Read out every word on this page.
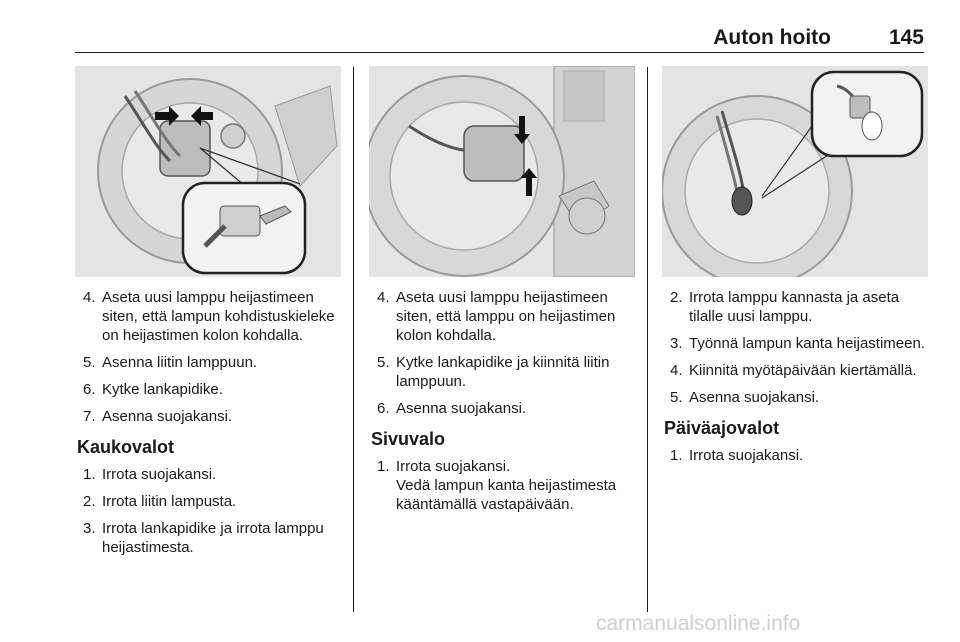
Auton hoito	145
4. Aseta uusi lamppu heijastimeen siten, että lampun kohdistuskieleke on heijastimen kolon kohdalla.
5. Asenna liitin lamppuun.
6. Kytke lankapidike.
7. Asenna suojakansi.
Kaukovalot
1. Irrota suojakansi.
2. Irrota liitin lampusta.
3. Irrota lankapidike ja irrota lamppu heijastimesta.
4. Aseta uusi lamppu heijastimeen siten, että lamppu on heijastimen kolon kohdalla.
5. Kytke lankapidike ja kiinnitä liitin lamppuun.
6. Asenna suojakansi.
Sivuvalo
1. Irrota suojakansi.
Vedä lampun kanta heijastimesta kääntämällä vastapäivään.
2. Irrota lamppu kannasta ja aseta tilalle uusi lamppu.
3. Työnnä lampun kanta heijastimeen.
4. Kiinnitä myötäpäivään kiertämällä.
5. Asenna suojakansi.
Päiväajovalot
1. Irrota suojakansi.
carmanualsonline.info
